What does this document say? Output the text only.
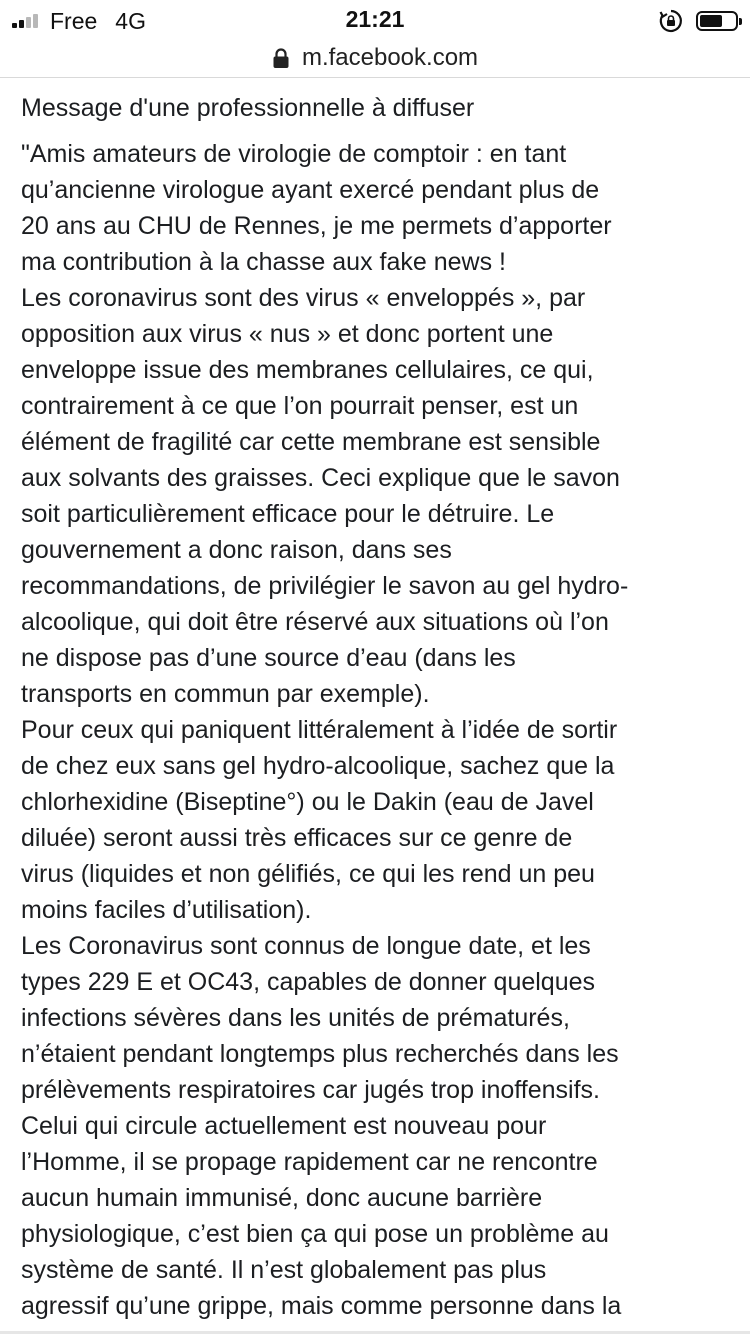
Free 4G	21:21
m.facebook.com
Message d'une professionnelle à diffuser
"Amis amateurs de virologie de comptoir : en tant
qu’ancienne virologue ayant exercé pendant plus de
20 ans au CHU de Rennes, je me permets d’apporter
ma contribution à la chasse aux fake news !
Les coronavirus sont des virus « enveloppés », par
opposition aux virus « nus » et donc portent une
enveloppe issue des membranes cellulaires, ce qui,
contrairement à ce que l’on pourrait penser, est un
élément de fragilité car cette membrane est sensible
aux solvants des graisses. Ceci explique que le savon
soit particulièrement efficace pour le détruire. Le
gouvernement a donc raison, dans ses
recommandations, de privilégier le savon au gel hydro-
alcoolique, qui doit être réservé aux situations où l’on
ne dispose pas d’une source d’eau (dans les
transports en commun par exemple).
Pour ceux qui paniquent littéralement à l’idée de sortir
de chez eux sans gel hydro-alcoolique, sachez que la
chlorhexidine (Biseptine°) ou le Dakin (eau de Javel
diluée) seront aussi très efficaces sur ce genre de
virus (liquides et non gélifiés, ce qui les rend un peu
moins faciles d’utilisation).
Les Coronavirus sont connus de longue date, et les
types 229 E et OC43, capables de donner quelques
infections sévères dans les unités de prématurés,
n’étaient pendant longtemps plus recherchés dans les
prélèvements respiratoires car jugés trop inoffensifs.
Celui qui circule actuellement est nouveau pour
l’Homme, il se propage rapidement car ne rencontre
aucun humain immunisé, donc aucune barrière
physiologique, c’est bien ça qui pose un problème au
système de santé. Il n’est globalement pas plus
agressif qu’une grippe, mais comme personne dans la
